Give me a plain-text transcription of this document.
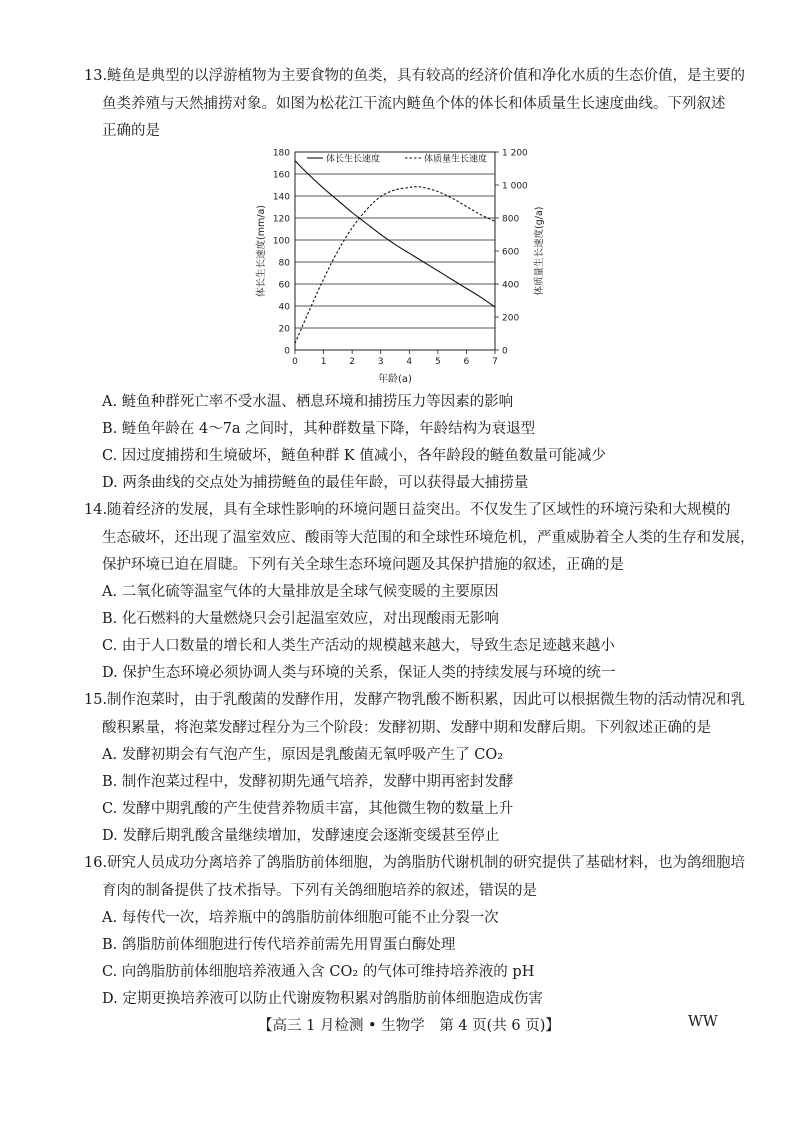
13.鲢鱼是典型的以浮游植物为主要食物的鱼类，具有较高的经济价值和净化水质的生态价值，是主要的
鱼类养殖与天然捕捞对象。如图为松花江干流内鲢鱼个体的体长和体质量生长速度曲线。下列叙述
正确的是
0
20
40
60
80
100
120
140
160
180
0
200
400
600
800
1 000
1 200
0	1	2	3	4	5	6	7
年龄(a)
体长生长速度(mm/a)	体质量生长速度(g/a)
体长生长速度	体质量生长速度
A. 鲢鱼种群死亡率不受水温、栖息环境和捕捞压力等因素的影响
B. 鲢鱼年龄在 4～7a 之间时，其种群数量下降，年龄结构为衰退型
C. 因过度捕捞和生境破坏，鲢鱼种群 K 值减小，各年龄段的鲢鱼数量可能减少
D. 两条曲线的交点处为捕捞鲢鱼的最佳年龄，可以获得最大捕捞量
14.随着经济的发展，具有全球性影响的环境问题日益突出。不仅发生了区域性的环境污染和大规模的
生态破坏，还出现了温室效应、酸雨等大范围的和全球性环境危机，严重威胁着全人类的生存和发展，
保护环境已迫在眉睫。下列有关全球生态环境问题及其保护措施的叙述，正确的是
A. 二氧化硫等温室气体的大量排放是全球气候变暖的主要原因
B. 化石燃料的大量燃烧只会引起温室效应，对出现酸雨无影响
C. 由于人口数量的增长和人类生产活动的规模越来越大，导致生态足迹越来越小
D. 保护生态环境必须协调人类与环境的关系，保证人类的持续发展与环境的统一
15.制作泡菜时，由于乳酸菌的发酵作用，发酵产物乳酸不断积累，因此可以根据微生物的活动情况和乳
酸积累量，将泡菜发酵过程分为三个阶段：发酵初期、发酵中期和发酵后期。下列叙述正确的是
A. 发酵初期会有气泡产生，原因是乳酸菌无氧呼吸产生了 CO₂
B. 制作泡菜过程中，发酵初期先通气培养，发酵中期再密封发酵
C. 发酵中期乳酸的产生使营养物质丰富，其他微生物的数量上升
D. 发酵后期乳酸含量继续增加，发酵速度会逐渐变缓甚至停止
16.研究人员成功分离培养了鸽脂肪前体细胞，为鸽脂肪代谢机制的研究提供了基础材料，也为鸽细胞培
育肉的制备提供了技术指导。下列有关鸽细胞培养的叙述，错误的是
A. 每传代一次，培养瓶中的鸽脂肪前体细胞可能不止分裂一次
B. 鸽脂肪前体细胞进行传代培养前需先用胃蛋白酶处理
C. 向鸽脂肪前体细胞培养液通入含 CO₂ 的气体可维持培养液的 pH
D. 定期更换培养液可以防止代谢废物积累对鸽脂肪前体细胞造成伤害
【高三 1 月检测 • 生物学　第 4 页(共 6 页)】	WW
